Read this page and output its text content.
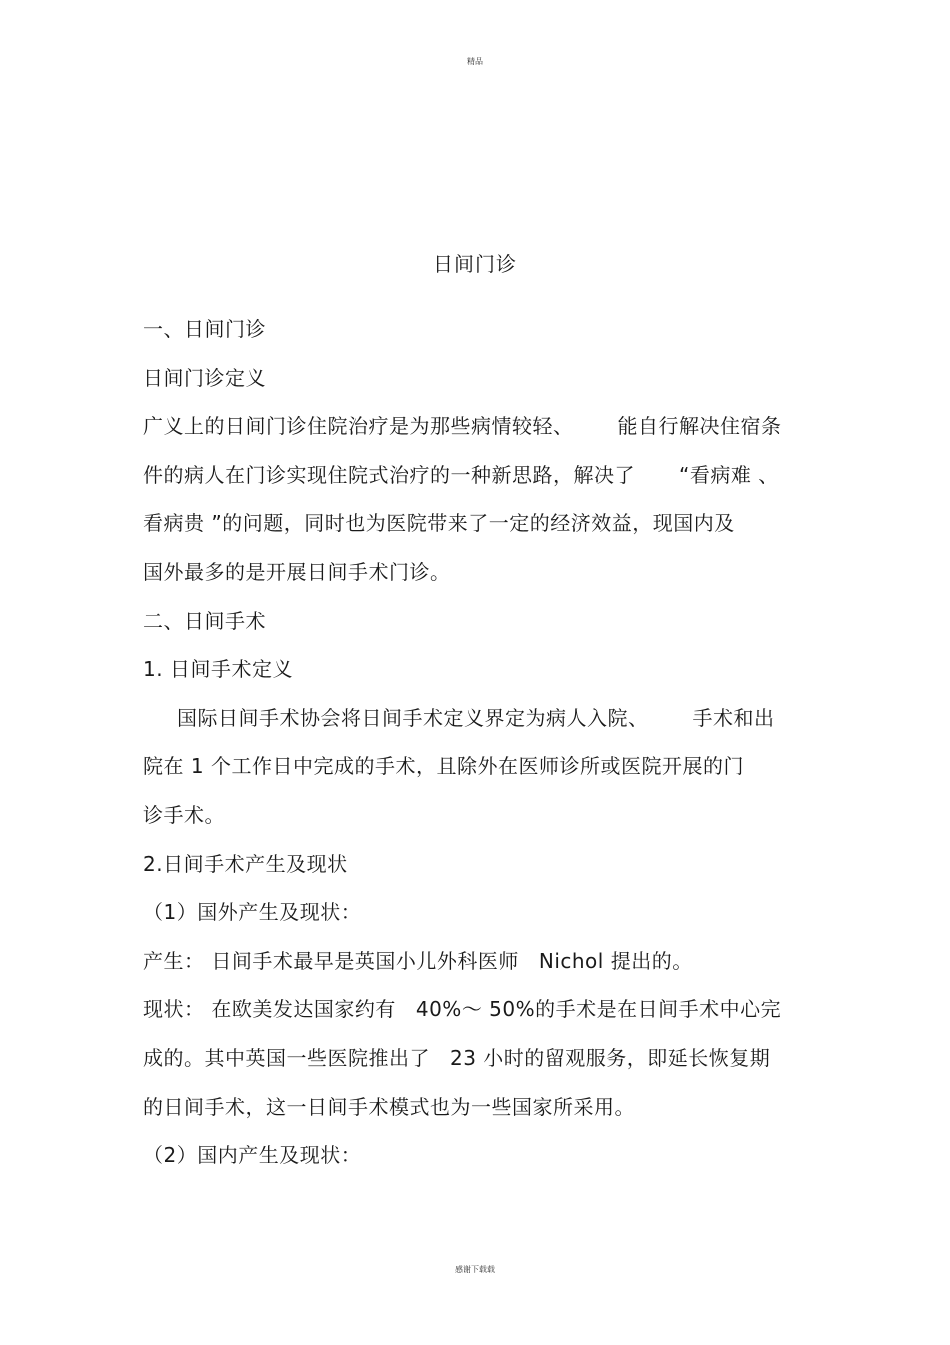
精品
日间门诊
一、日间门诊
日间门诊定义
广义上的日间门诊住院治疗是为那些病情较轻、 能自行解决住宿条
件的病人在门诊实现住院式治疗的一种新思路，解决了 “看病难 、
看病贵 ”的问题，同时也为医院带来了一定的经济效益，现国内及
国外最多的是开展日间手术门诊。
二、日间手术
1. 日间手术定义
国际日间手术协会将日间手术定义界定为病人入院、 手术和出
院在 1 个工作日中完成的手术，且除外在医师诊所或医院开展的门
诊手术。
2.日间手术产生及现状
（1）国外产生及现状：
产生： 日间手术最早是英国小儿外科医师 Nichol 提出的。
现状： 在欧美发达国家约有 40%～ 50%的手术是在日间手术中心完
成的。其中英国一些医院推出了 23 小时的留观服务，即延长恢复期
的日间手术，这一日间手术模式也为一些国家所采用。
（2）国内产生及现状：
感谢下载载
